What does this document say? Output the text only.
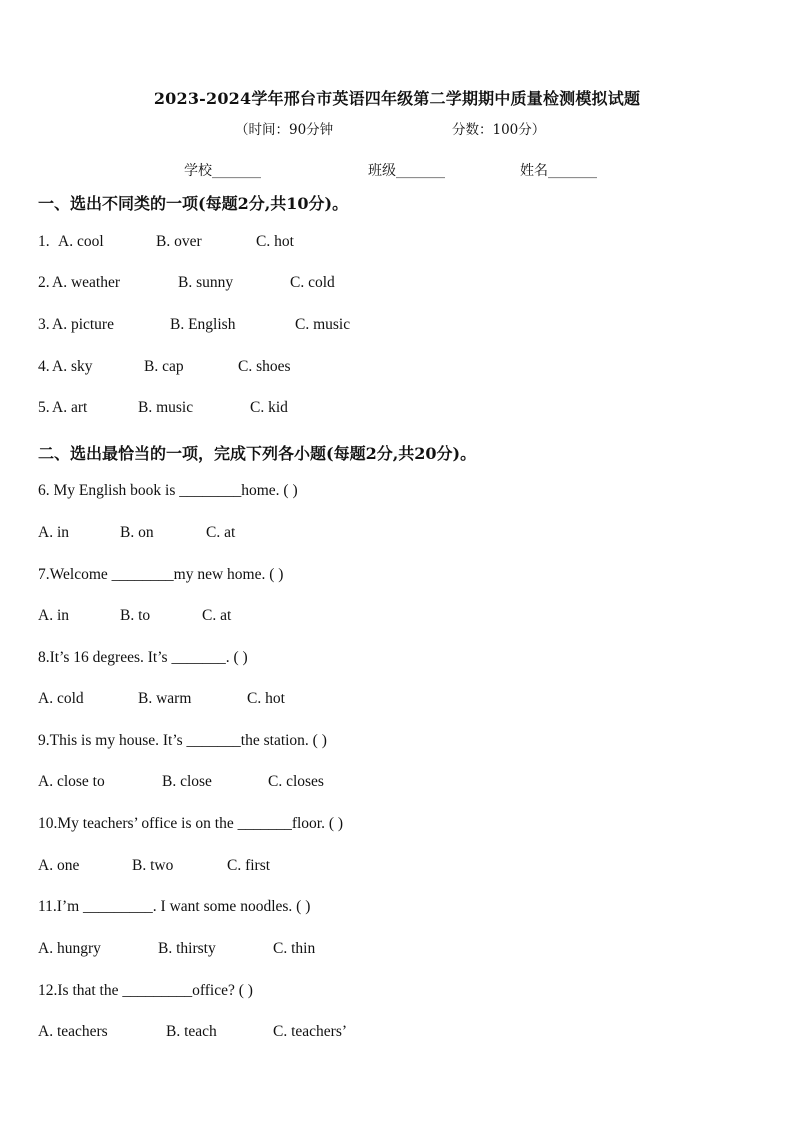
2023-2024学年邢台市英语四年级第二学期期中质量检测模拟试题
（时间：90分钟	分数：100分）
学校_______	班级_______	姓名_______
一、选出不同类的一项(每题2分,共10分)。
1. A. cool	B. over	C. hot
2. A. weather	B. sunny	C. cold
3. A. picture	B. English	C. music
4. A. sky	B. cap	C. shoes
5. A. art	B. music	C. kid
二、选出最恰当的一项，完成下列各小题(每题2分,共20分)。
6. My English book is ________home. ( )
A. in	B. on	C. at
7.Welcome ________my new home. ( )
A. in	B. to	C. at
8.It’s 16 degrees. It’s _______. ( )
A. cold	B. warm	C. hot
9.This is my house. It’s _______the station. ( )
A. close to	B. close	C. closes
10.My teachers’ office is on the _______floor. ( )
A. one	B. two	C. first
11.I’m _________. I want some noodles. ( )
A. hungry	B. thirsty	C. thin
12.Is that the _________office? ( )
A. teachers	B. teach	C. teachers’
